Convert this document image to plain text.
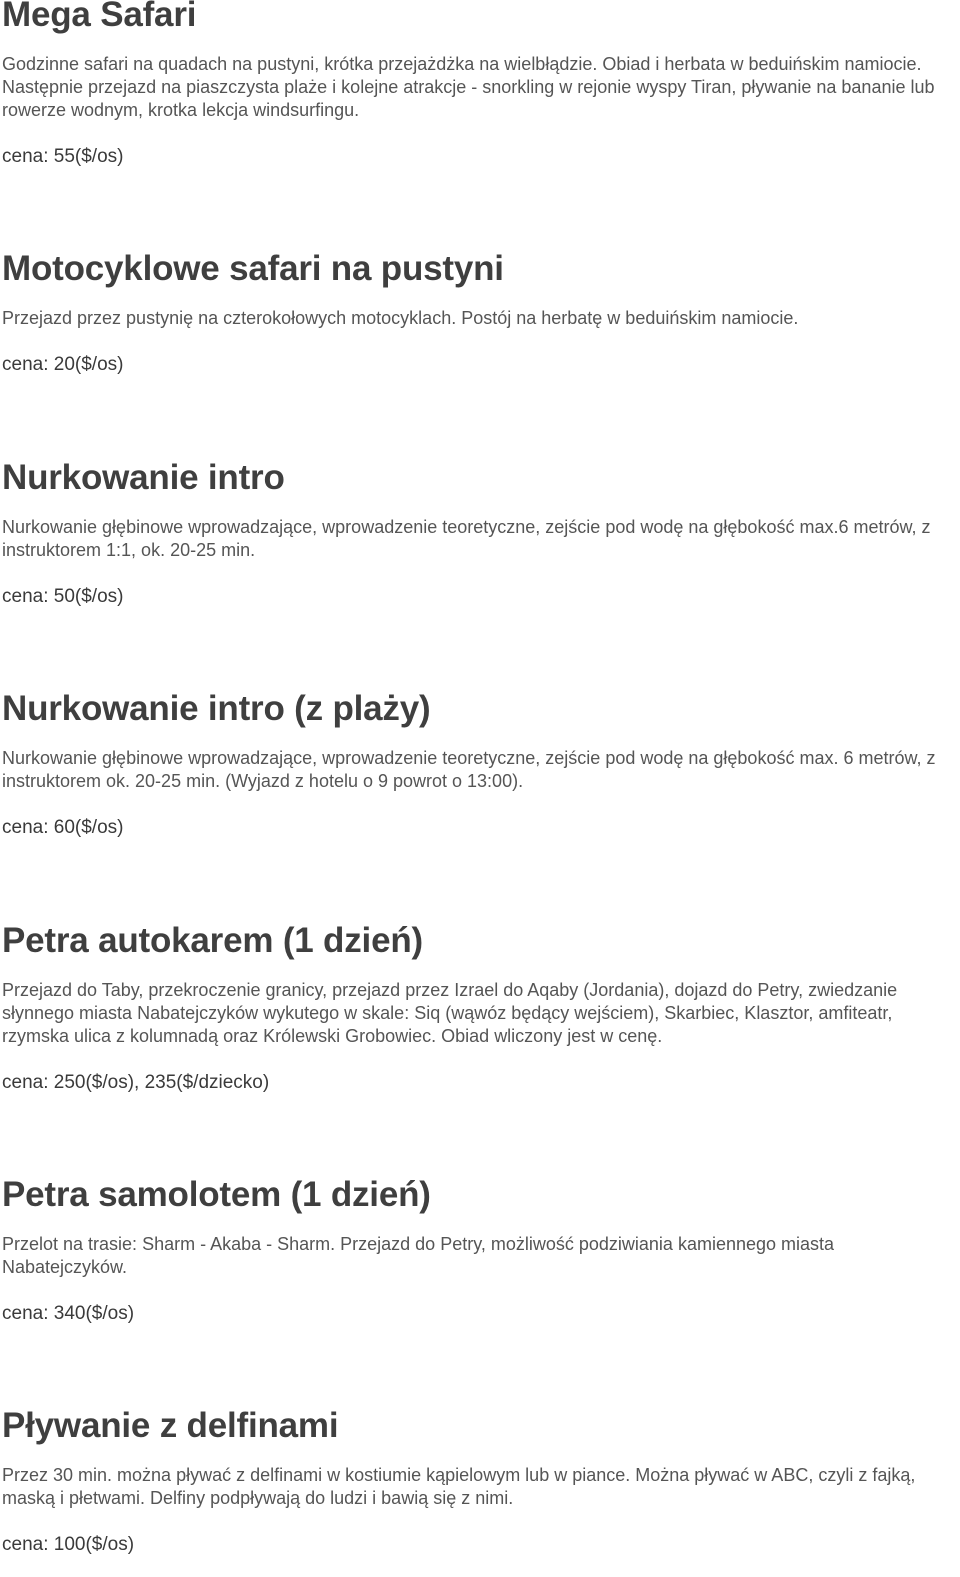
Mega Safari

Godzinne safari na quadach na pustyni, krótka przejażdżka na wielbłądzie. Obiad i herbata w beduińskim namiocie. Następnie przejazd na piaszczysta plaże i kolejne atrakcje - snorkling w rejonie wyspy Tiran, pływanie na bananie lub rowerze wodnym, krotka lekcja windsurfingu.

cena: 55($/os)

Motocyklowe safari na pustyni

Przejazd przez pustynię na czterokołowych motocyklach. Postój na herbatę w beduińskim namiocie.

cena: 20($/os)

Nurkowanie intro

Nurkowanie głębinowe wprowadzające, wprowadzenie teoretyczne, zejście pod wodę na głębokość max.6 metrów, z instruktorem 1:1, ok. 20-25 min.

cena: 50($/os)

Nurkowanie intro (z plaży)

Nurkowanie głębinowe wprowadzające, wprowadzenie teoretyczne, zejście pod wodę na głębokość max. 6 metrów, z instruktorem ok. 20-25 min. (Wyjazd z hotelu o 9 powrot o 13:00).

cena: 60($/os)

Petra autokarem (1 dzień)

Przejazd do Taby, przekroczenie granicy, przejazd przez Izrael do Aqaby (Jordania), dojazd do Petry, zwiedzanie słynnego miasta Nabatejczyków wykutego w skale: Siq (wąwóz będący wejściem), Skarbiec, Klasztor, amfiteatr, rzymska ulica z kolumnadą oraz Królewski Grobowiec. Obiad wliczony jest w cenę.

cena: 250($/os), 235($/dziecko)

Petra samolotem (1 dzień)

Przelot na trasie: Sharm - Akaba - Sharm. Przejazd do Petry, możliwość podziwiania kamiennego miasta Nabatejczyków.

cena: 340($/os)

Pływanie z delfinami

Przez 30 min. można pływać z delfinami w kostiumie kąpielowym lub w piance. Można pływać w ABC, czyli z fajką, maską i płetwami. Delfiny podpływają do ludzi i bawią się z nimi.

cena: 100($/os)
